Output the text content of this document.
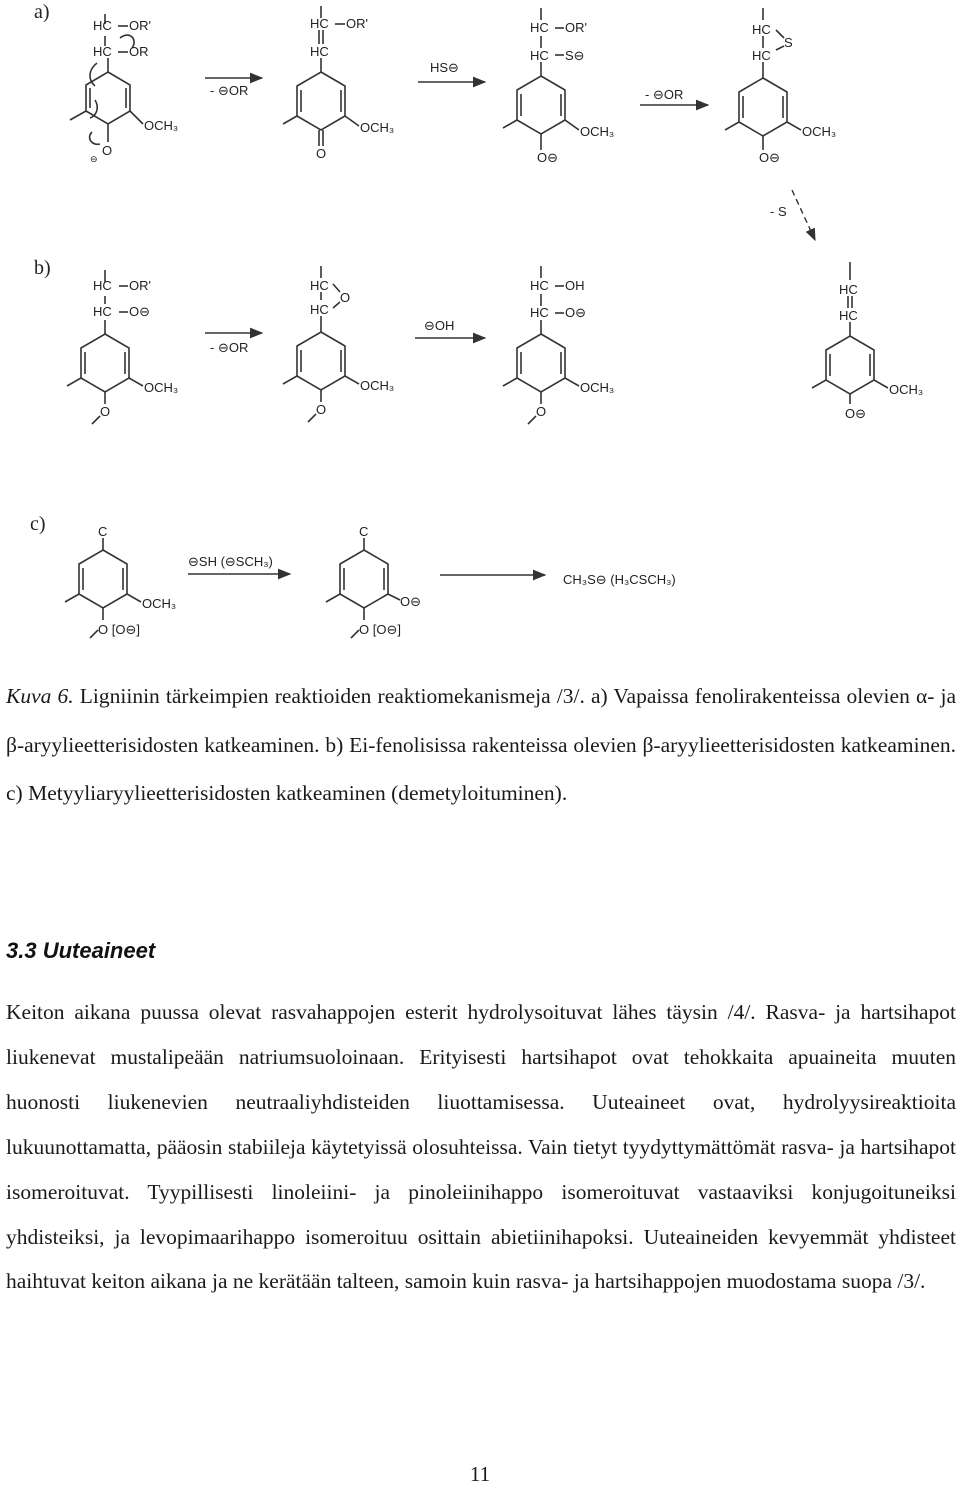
a)
b)
c)
HC OR'
HC OR
OCH₃
O
⊖
- ⊖OR
HC OR'
HC
OCH₃
O
HS⊖
HC OR'
HC S⊖
OCH₃
O⊖
- ⊖OR
HC
HC
S
OCH₃
O⊖
- S
HC OR'
HC O⊖
OCH₃
O
- ⊖OR
HC
HC
O
OCH₃
O
⊖OH
HC OH
HC O⊖
OCH₃
O
HC
HC
OCH₃
O⊖
C
OCH₃
O [O⊖]
⊖SH (⊖SCH₃)
C
O⊖
O [O⊖]
CH₃S⊖ (H₃CSCH₃)

Kuva 6. Ligniinin tärkeimpien reaktioiden reaktiomekanismeja /3/. a) Vapaissa fenolirakenteissa olevien α- ja β-aryylieetterisidosten katkeaminen. b) Ei-fenolisissa rakenteissa olevien β-aryylieetterisidosten katkeaminen. c) Metyyliaryylieetterisidosten katkeaminen (demetyloituminen).

3.3 Uuteaineet

Keiton aikana puussa olevat rasvahappojen esterit hydrolysoituvat lähes täysin /4/. Rasva- ja hartsihapot liukenevat mustalipeään natriumsuoloinaan. Erityisesti hartsihapot ovat tehokkaita apuaineita muuten huonosti liukenevien neutraaliyhdisteiden liuottamisessa. Uuteaineet ovat, hydrolyysireaktioita lukuunottamatta, pääosin stabiileja käytetyissä olosuhteissa. Vain tietyt tyydyttymättömät rasva- ja hartsihapot isomeroituvat. Tyypillisesti linoleiini- ja pinoleiinihappo isomeroituvat vastaaviksi konjugoituneiksi yhdisteiksi, ja levopimaarihappo isomeroituu osittain abietiinihapoksi. Uuteaineiden kevyemmät yhdisteet haihtuvat keiton aikana ja ne kerätään talteen, samoin kuin rasva- ja hartsihappojen muodostama suopa /3/.

11
